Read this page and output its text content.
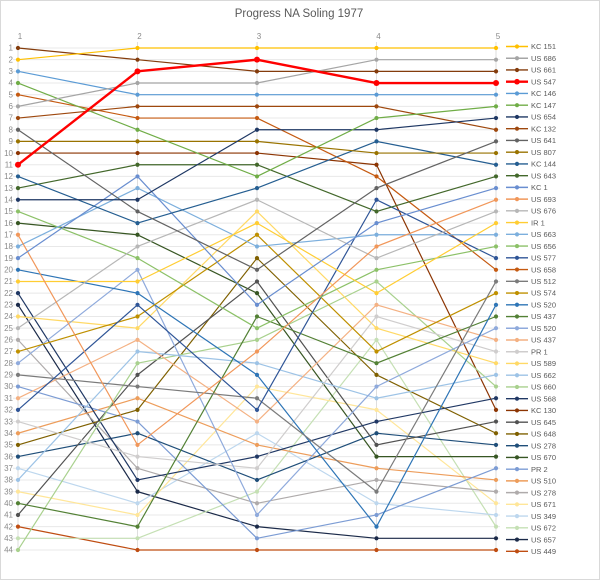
Progress NA Soling 1977
1	2	3	4	5
1
2
3
4
5
6
7
8
9
10
11
12
13
14
15
16
17
18
19
20
21
22
23
24
25
26
27
28
29
30
31
32
33
34
35
36
37
38
39
40
41
42
43
44
KC 151
US 686
US 661
US 547
KC 146
KC 147
US 654
KC 132
US 641
US 807
KC 144
US 643
KC 1
US 693
US 676
IR 1
US 663
US 656
US 577
US 658
US 512
US 574
US 520
US 437
US 520
US 437
PR 1
US 589
US 662
US 660
US 568
KC 130
US 645
US 648
US 278
US 670
PR 2
US 510
US 278
US 671
US 349
US 672
US 657
US 449
